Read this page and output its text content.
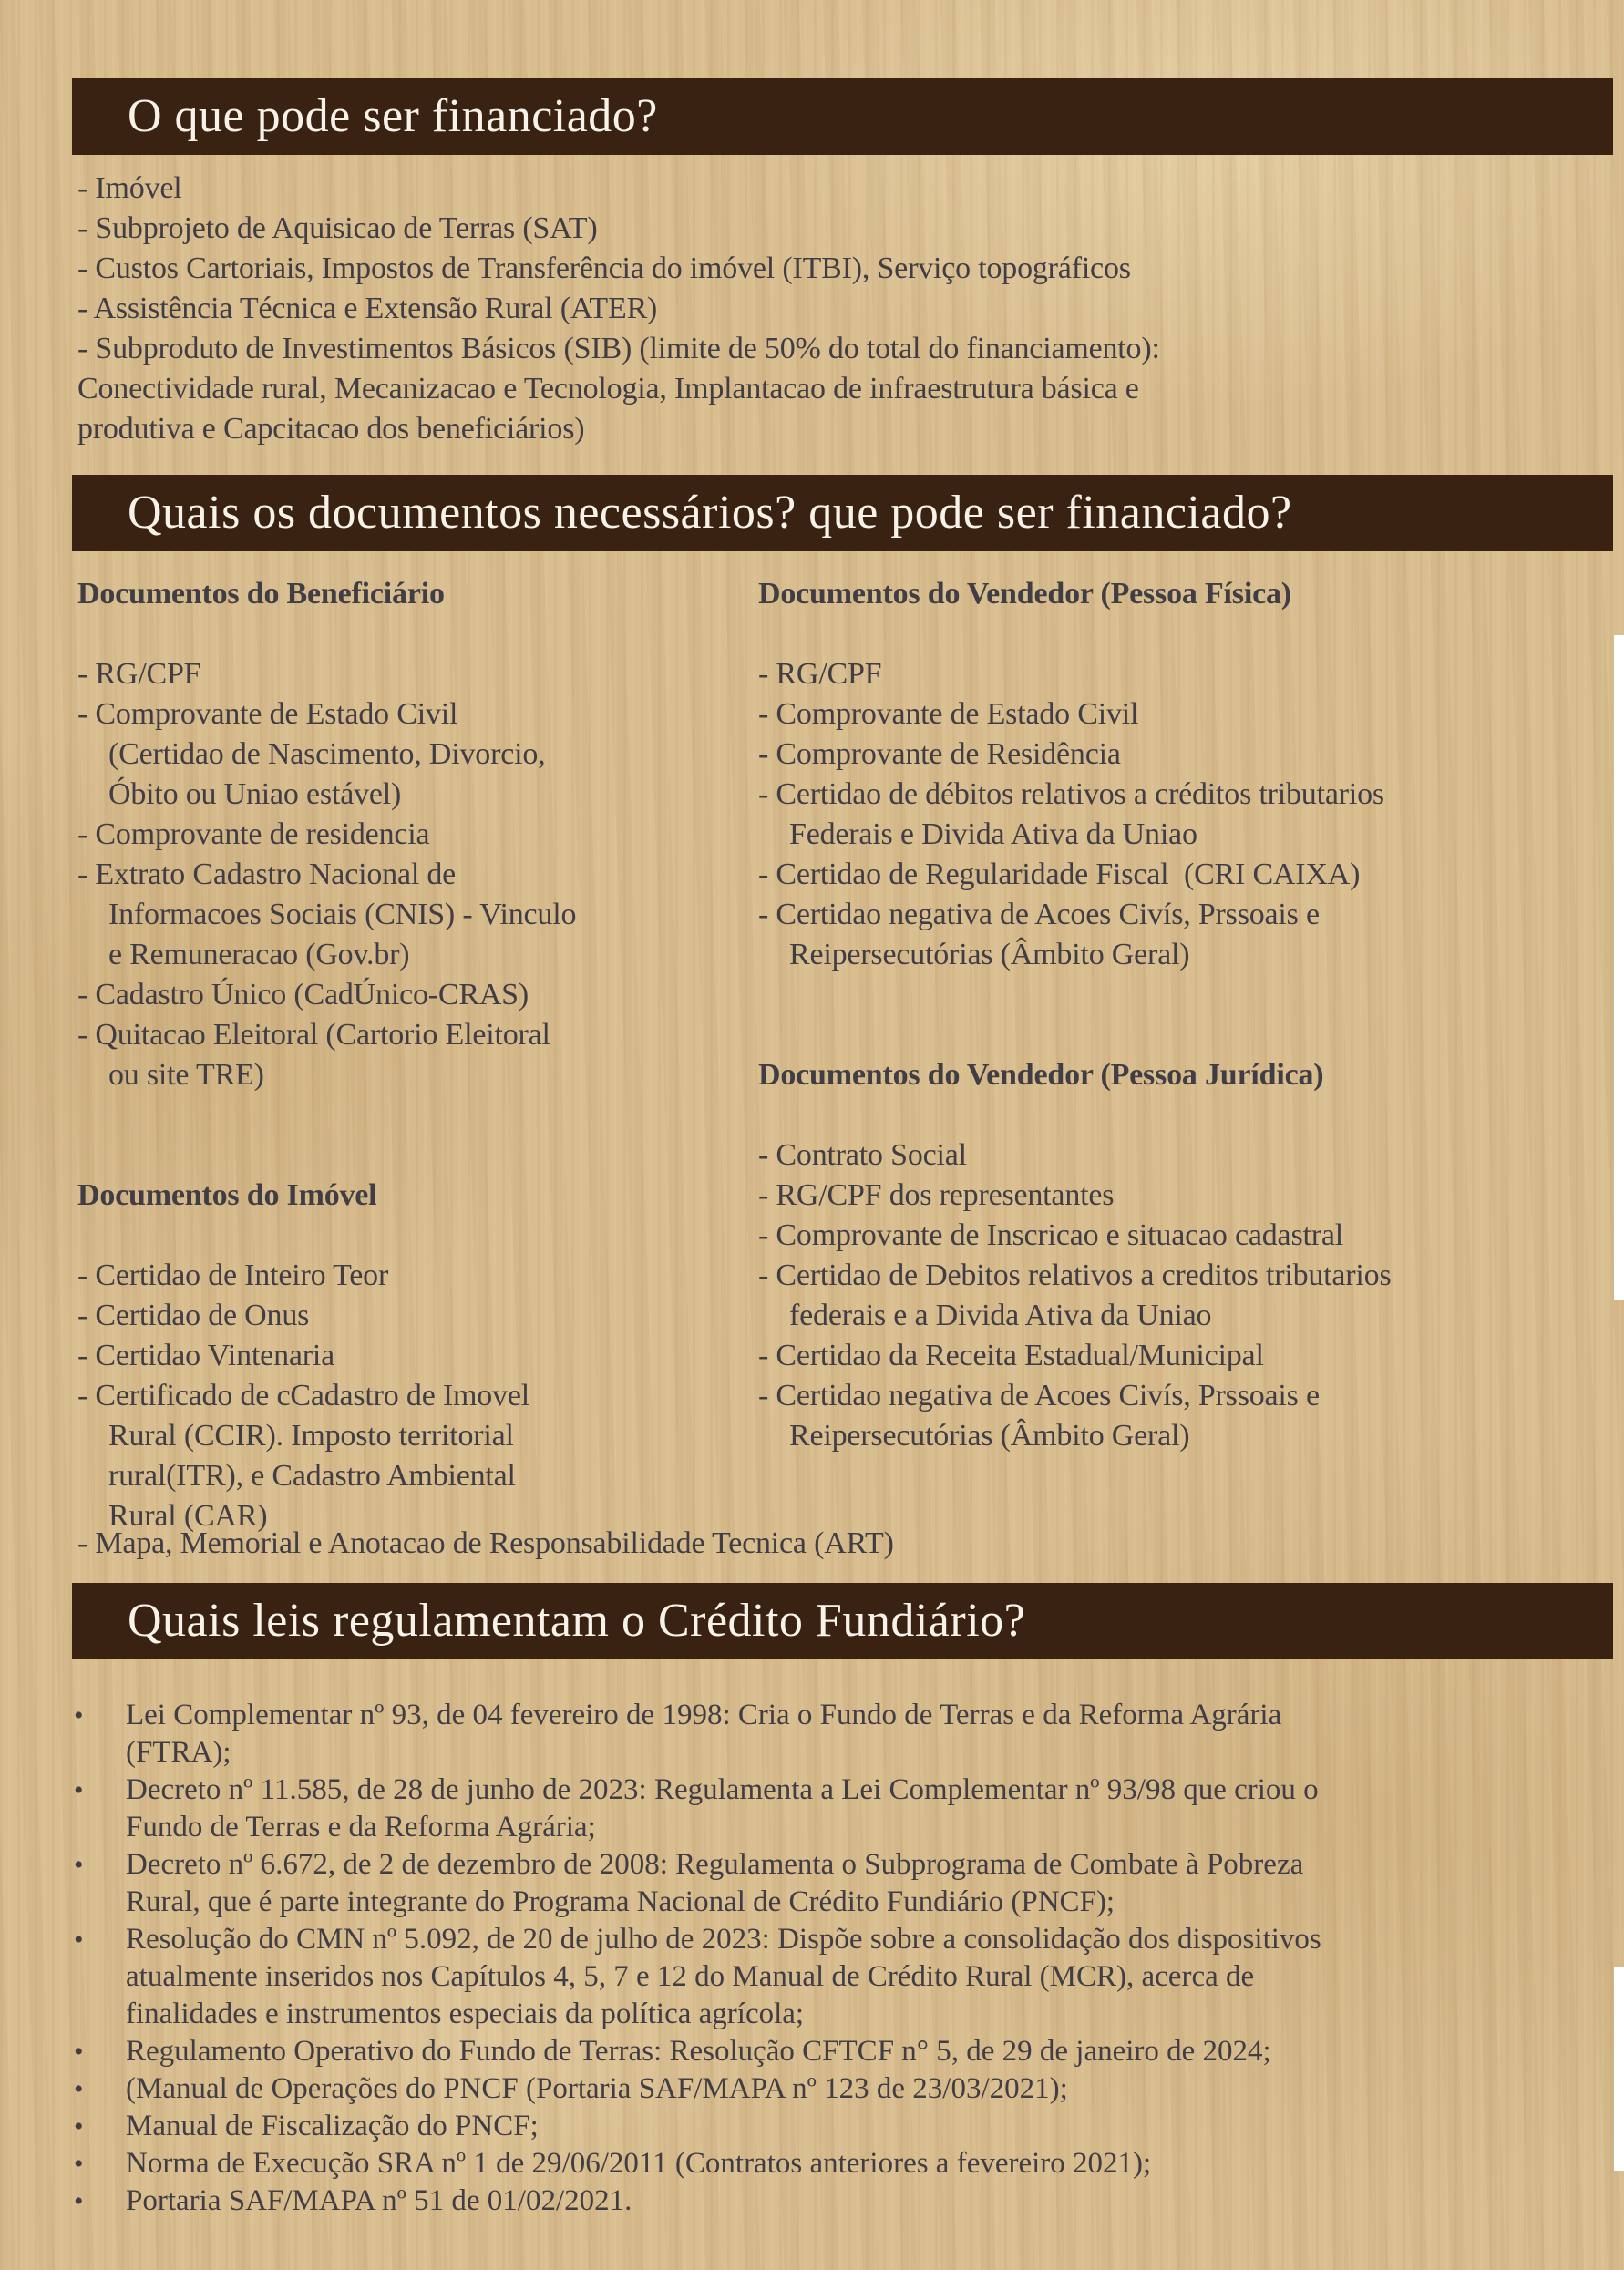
O que pode ser financiado?
- Imóvel
- Subprojeto de Aquisicao de Terras (SAT)
- Custos Cartoriais, Impostos de Transferência do imóvel (ITBI), Serviço topográficos
- Assistência Técnica e Extensão Rural (ATER)
- Subproduto de Investimentos Básicos (SIB) (limite de 50% do total do financiamento):
Conectividade rural, Mecanizacao e Tecnologia, Implantacao de infraestrutura básica e
produtiva e Capcitacao dos beneficiários)
Quais os documentos necessários? que pode ser financiado?
Documentos do Beneficiário
- RG/CPF
- Comprovante de Estado Civil
(Certidao de Nascimento, Divorcio,
Óbito ou Uniao estável)
- Comprovante de residencia
- Extrato Cadastro Nacional de
Informacoes Sociais (CNIS) - Vinculo
e Remuneracao (Gov.br)
- Cadastro Único (CadÚnico-CRAS)
- Quitacao Eleitoral (Cartorio Eleitoral
ou site TRE)
Documentos do Imóvel
- Certidao de Inteiro Teor
- Certidao de Onus
- Certidao Vintenaria
- Certificado de cCadastro de Imovel
Rural (CCIR). Imposto territorial
rural(ITR), e Cadastro Ambiental
Rural (CAR)
Documentos do Vendedor (Pessoa Física)
- RG/CPF
- Comprovante de Estado Civil
- Comprovante de Residência
- Certidao de débitos relativos a créditos tributarios
Federais e Divida Ativa da Uniao
- Certidao de Regularidade Fiscal  (CRI CAIXA)
- Certidao negativa de Acoes Civís, Prssoais e
Reipersecutórias (Âmbito Geral)
Documentos do Vendedor (Pessoa Jurídica)
- Contrato Social
- RG/CPF dos representantes
- Comprovante de Inscricao e situacao cadastral
- Certidao de Debitos relativos a creditos tributarios
federais e a Divida Ativa da Uniao
- Certidao da Receita Estadual/Municipal
- Certidao negativa de Acoes Civís, Prssoais e
Reipersecutórias (Âmbito Geral)
- Mapa, Memorial e Anotacao de Responsabilidade Tecnica (ART)
Quais leis regulamentam o Crédito Fundiário?
•	Lei Complementar nº 93, de 04 fevereiro de 1998: Cria o Fundo de Terras e da Reforma Agrária
(FTRA);
•	Decreto nº 11.585, de 28 de junho de 2023: Regulamenta a Lei Complementar nº 93/98 que criou o
Fundo de Terras e da Reforma Agrária;
•	Decreto nº 6.672, de 2 de dezembro de 2008: Regulamenta o Subprograma de Combate à Pobreza
Rural, que é parte integrante do Programa Nacional de Crédito Fundiário (PNCF);
•	Resolução do CMN nº 5.092, de 20 de julho de 2023: Dispõe sobre a consolidação dos dispositivos
atualmente inseridos nos Capítulos 4, 5, 7 e 12 do Manual de Crédito Rural (MCR), acerca de
finalidades e instrumentos especiais da política agrícola;
•	Regulamento Operativo do Fundo de Terras: Resolução CFTCF n° 5, de 29 de janeiro de 2024;
•	(Manual de Operações do PNCF (Portaria SAF/MAPA nº 123 de 23/03/2021);
•	Manual de Fiscalização do PNCF;
•	Norma de Execução SRA nº 1 de 29/06/2011 (Contratos anteriores a fevereiro 2021);
•	Portaria SAF/MAPA nº 51 de 01/02/2021.
